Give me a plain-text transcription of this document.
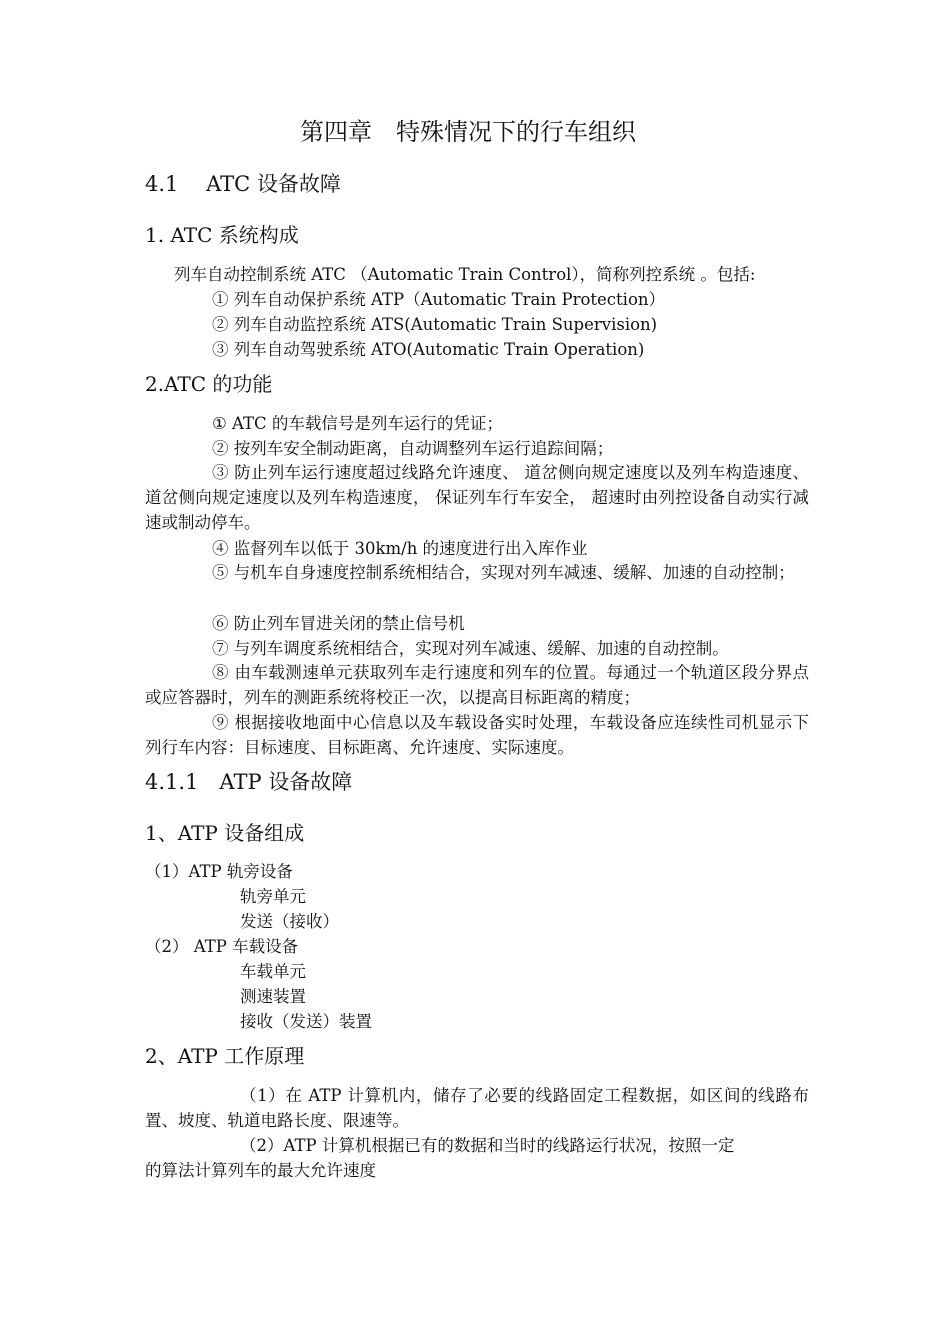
第四章　特殊情况下的行车组织
4.1　 ATC 设备故障
1. ATC 系统构成
列车自动控制系统 ATC （Automatic Train Control），简称列控系统 。包括:
① 列车自动保护系统 ATP（Automatic Train Protection）
② 列车自动监控系统 ATS(Automatic Train Supervision)
③ 列车自动驾驶系统 ATO(Automatic Train Operation)
2.ATC 的功能
① ATC 的车载信号是列车运行的凭证；
② 按列车安全制动距离，自动调整列车运行追踪间隔；
③ 防止列车运行速度超过线路允许速度、 道岔侧向规定速度以及列车构造速度、道岔侧向规定速度以及列车构造速度， 保证列车行车安全， 超速时由列控设备自动实行减速或制动停车。
④ 监督列车以低于 30km/h 的速度进行出入库作业
⑤ 与机车自身速度控制系统相结合，实现对列车减速、缓解、加速的自动控制；
⑥ 防止列车冒进关闭的禁止信号机
⑦ 与列车调度系统相结合，实现对列车减速、缓解、加速的自动控制。
⑧ 由车载测速单元获取列车走行速度和列车的位置。每通过一个轨道区段分界点或应答器时，列车的测距系统将校正一次，以提高目标距离的精度；
⑨ 根据接收地面中心信息以及车载设备实时处理，车载设备应连续性司机显示下列行车内容：目标速度、目标距离、允许速度、实际速度。
4.1.1　ATP 设备故障
1、ATP 设备组成
（1）ATP 轨旁设备
轨旁单元
发送（接收）
（2） ATP 车载设备
车载单元
测速装置
接收（发送）装置
2、ATP 工作原理
（1）在 ATP 计算机内，储存了必要的线路固定工程数据，如区间的线路布置、坡度、轨道电路长度、限速等。
（2）ATP 计算机根据已有的数据和当时的线路运行状况，按照一定
的算法计算列车的最大允许速度
